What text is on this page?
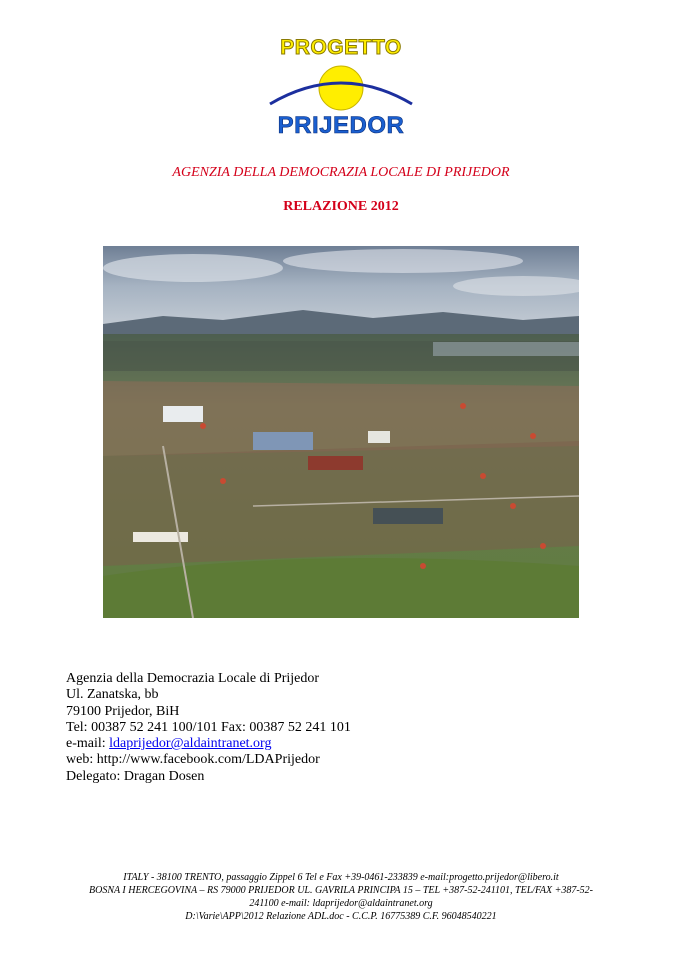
PROGETTO
PRIJEDOR
AGENZIA DELLA DEMOCRAZIA LOCALE DI PRIJEDOR
RELAZIONE 2012
Agenzia della Democrazia Locale di Prijedor
Ul. Zanatska, bb
79100 Prijedor, BiH
Tel: 00387 52 241 100/101 Fax: 00387 52 241 101
e-mail: ldaprijedor@aldaintranet.org
web: http://www.facebook.com/LDAPrijedor
Delegato: Dragan Dosen
ITALY - 38100 TRENTO, passaggio Zippel 6 Tel e Fax +39-0461-233839 e-mail:progetto.prijedor@libero.it
BOSNA I HERCEGOVINA – RS 79000 PRIJEDOR UL. GAVRILA PRINCIPA 15 – TEL +387-52-241101, TEL/FAX +387-52-
241100 e-mail: ldaprijedor@aldaintranet.org
D:\Varie\APP\2012 Relazione ADL.doc - C.C.P. 16775389 C.F. 96048540221
